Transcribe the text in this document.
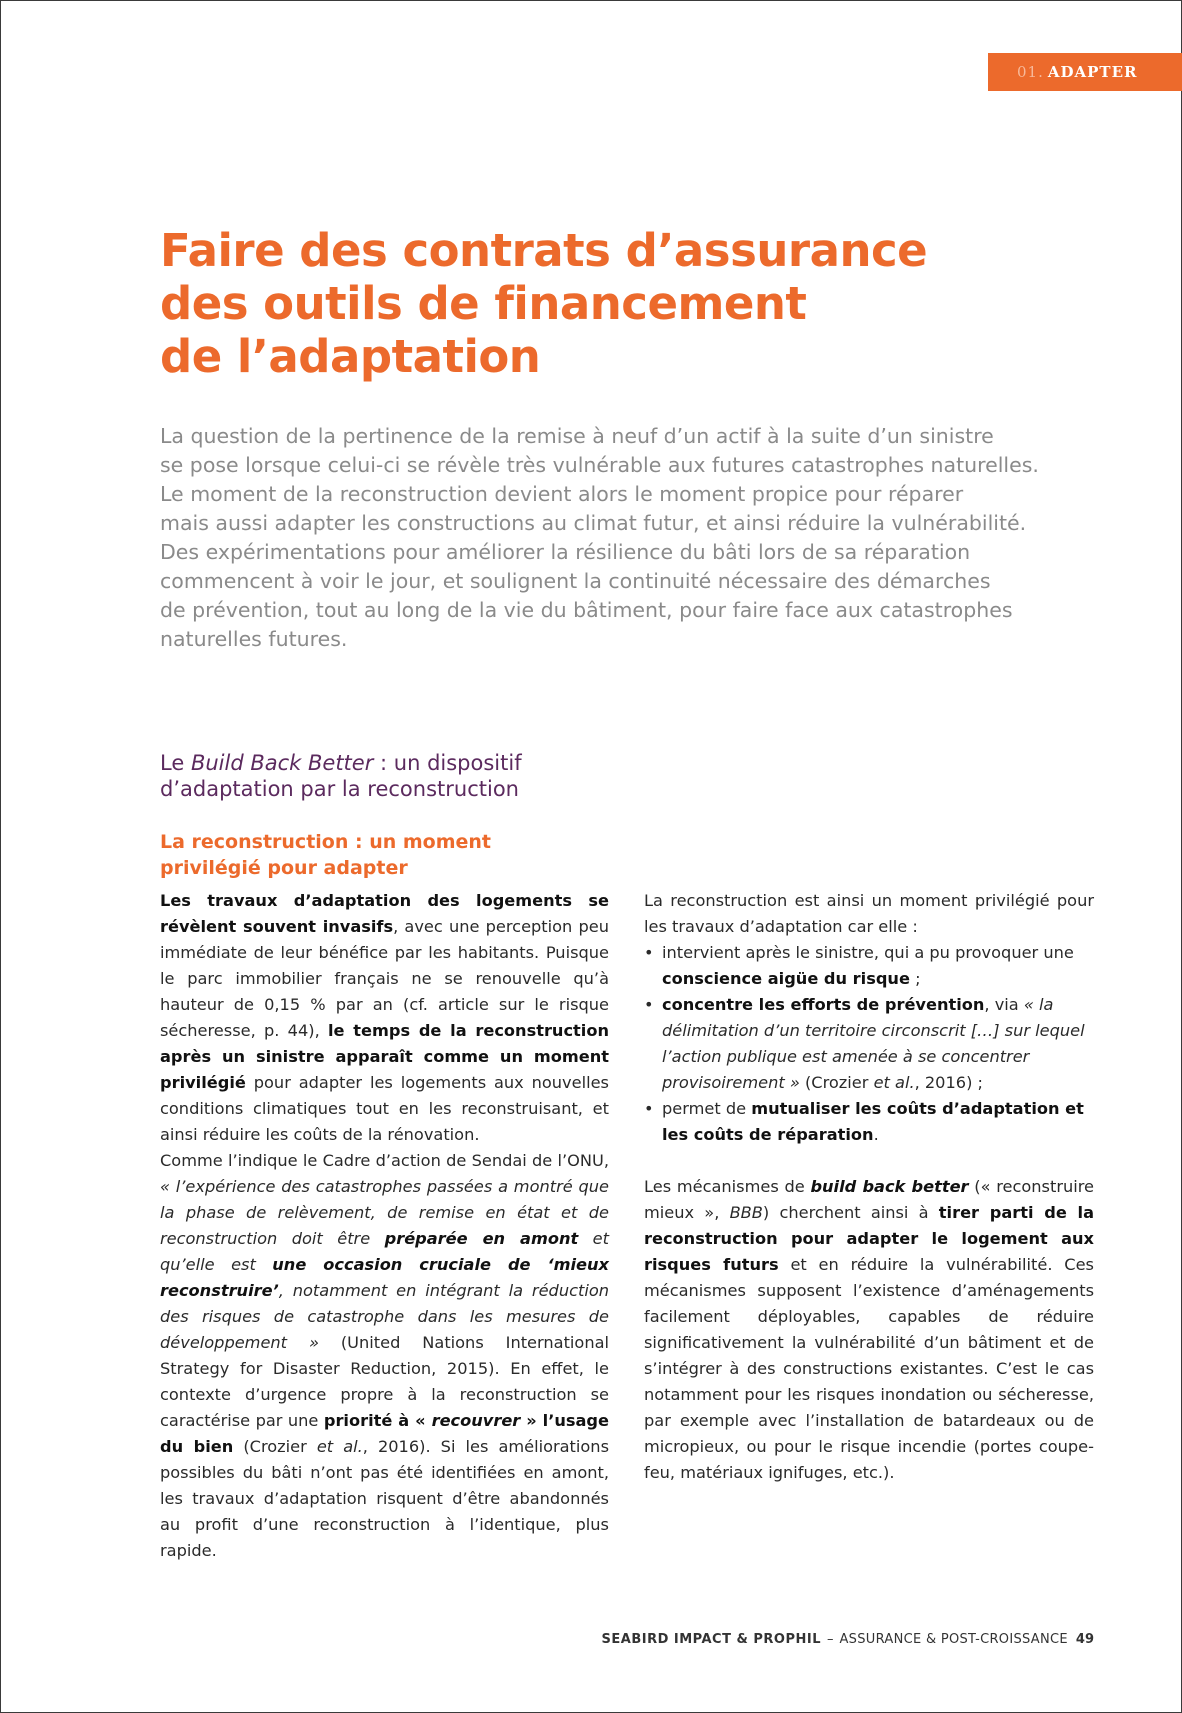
01. ADAPTER
Faire des contrats d’assurance
des outils de financement
de l’adaptation

La question de la pertinence de la remise à neuf d’un actif à la suite d’un sinistre
se pose lorsque celui-ci se révèle très vulnérable aux futures catastrophes naturelles.
Le moment de la reconstruction devient alors le moment propice pour réparer
mais aussi adapter les constructions au climat futur, et ainsi réduire la vulnérabilité.
Des expérimentations pour améliorer la résilience du bâti lors de sa réparation
commencent à voir le jour, et soulignent la continuité nécessaire des démarches
de prévention, tout au long de la vie du bâtiment, pour faire face aux catastrophes
naturelles futures.

Le Build Back Better : un dispositif
d’adaptation par la reconstruction
La reconstruction : un moment
privilégié pour adapter

Les travaux d’adaptation des logements se révèlent souvent invasifs, avec une perception peu immédiate de leur bénéfice par les habitants. Puisque le parc immobilier français ne se renouvelle qu’à hauteur de 0,15 % par an (cf. article sur le risque sécheresse, p. 44), le temps de la reconstruction après un sinistre apparaît comme un moment privilégié pour adapter les logements aux nouvelles conditions climatiques tout en les reconstruisant, et ainsi réduire les coûts de la rénovation.

Comme l’indique le Cadre d’action de Sendai de l’ONU, « l’expérience des catastrophes passées a montré que la phase de relèvement, de remise en état et de reconstruction doit être préparée en amont et qu’elle est une occasion cruciale de ‘mieux reconstruire’, notamment en intégrant la réduction des risques de catastrophe dans les mesures de développement » (United Nations International Strategy for Disaster Reduction, 2015). En effet, le contexte d’urgence propre à la reconstruction se caractérise par une priorité à « recouvrer » l’usage du bien (Crozier et al., 2016). Si les améliorations possibles du bâti n’ont pas été identifiées en amont, les travaux d’adaptation risquent d’être abandonnés au profit d’une reconstruction à l’identique, plus rapide.

La reconstruction est ainsi un moment privilégié pour les travaux d’adaptation car elle :

• intervient après le sinistre, qui a pu provoquer une conscience aigüe du risque ;
• concentre les efforts de prévention, via « la délimitation d’un territoire circonscrit […] sur lequel l’action publique est amenée à se concentrer provisoirement » (Crozier et al., 2016) ;
• permet de mutualiser les coûts d’adaptation et les coûts de réparation.

Les mécanismes de build back better (« reconstruire mieux », BBB) cherchent ainsi à tirer parti de la reconstruction pour adapter le logement aux risques futurs et en réduire la vulnérabilité. Ces mécanismes supposent l’existence d’aménagements facilement déployables, capables de réduire significativement la vulnérabilité d’un bâtiment et de s’intégrer à des constructions existantes. C’est le cas notamment pour les risques inondation ou sécheresse, par exemple avec l’installation de batardeaux ou de micropieux, ou pour le risque incendie (portes coupe-feu, matériaux ignifuges, etc.).

SEABIRD IMPACT & PROPHIL – ASSURANCE & POST-CROISSANCE 49
